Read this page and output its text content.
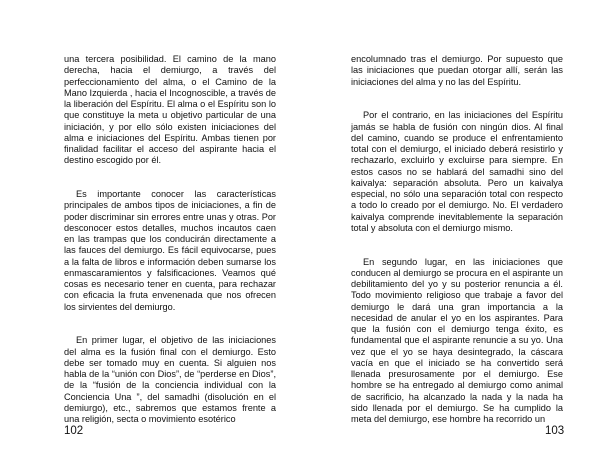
una tercera posibilidad. El camino de la mano derecha, hacia el demiurgo, a través del perfeccionamiento del alma, o el Camino de la Mano Izquierda , hacia el Incognoscible, a través de la liberación del Espíritu. El alma o el Espíritu son lo que constituye la meta u objetivo particular de una iniciación, y por ello sólo existen iniciaciones del alma e iniciaciones del Espíritu. Ambas tienen por finalidad facilitar el acceso del aspirante hacia el destino escogido por él.

Es importante conocer las características principales de ambos tipos de iniciaciones, a fin de poder discriminar sin errores entre unas y otras. Por desconocer estos detalles, muchos incautos caen en las trampas que los conducirán directamente a las fauces del demiurgo. Es fácil equivocarse, pues a la falta de libros e información deben sumarse los enmascaramientos y falsificaciones. Veamos qué cosas es necesario tener en cuenta, para rechazar con eficacia la fruta envenenada que nos ofrecen los sirvientes del demiurgo.

En primer lugar, el objetivo de las iniciaciones del alma es la fusión final con el demiurgo. Esto debe ser tomado muy en cuenta. Si alguien nos habla de la “unión con Dios”, de “perderse en Dios”, de la “fusión de la conciencia individual con la Conciencia Una ”, del samadhi (disolución en el demiurgo), etc., sabremos que estamos frente a una religión, secta o movimiento esotérico

102

encolumnado tras el demiurgo. Por supuesto que las iniciaciones que puedan otorgar allí, serán las iniciaciones del alma y no las del Espíritu.

Por el contrario, en las iniciaciones del Espíritu jamás se habla de fusión con ningún dios. Al final del camino, cuando se produce el enfrentamiento total con el demiurgo, el iniciado deberá resistirlo y rechazarlo, excluirlo y excluirse para siempre. En estos casos no se hablará del samadhi sino del kaivalya: separación absoluta. Pero un kaivalya especial, no sólo una separación total con respecto a todo lo creado por el demiurgo. No. El verdadero kaivalya comprende inevitablemente la separación total y absoluta con el demiurgo mismo.

En segundo lugar, en las iniciaciones que conducen al demiurgo se procura en el aspirante un debilitamiento del yo y su posterior renuncia a él. Todo movimiento religioso que trabaje a favor del demiurgo le dará una gran importancia a la necesidad de anular el yo en los aspirantes. Para que la fusión con el demiurgo tenga éxito, es fundamental que el aspirante renuncie a su yo. Una vez que el yo se haya desintegrado, la cáscara vacía en que el iniciado se ha convertido será llenada presurosamente por el demiurgo. Ese hombre se ha entregado al demiurgo como animal de sacrificio, ha alcanzado la nada y la nada ha sido llenada por el demiurgo. Se ha cumplido la meta del demiurgo, ese hombre ha recorrido un

103
